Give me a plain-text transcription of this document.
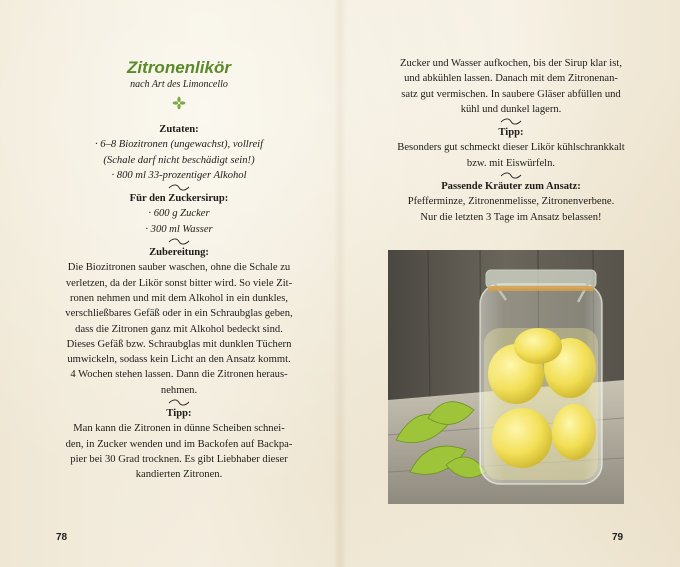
Zitronenlikör

nach Art des Limoncello

Zutaten:

· 6–8 Biozitronen (ungewachst), vollreif

(Schale darf nicht beschädigt sein!)

· 800 ml 33-prozentiger Alkohol

Für den Zuckersirup:

· 600 g Zucker

· 300 ml Wasser

Zubereitung:

Die Biozitronen sauber waschen, ohne die Schale zu

verletzen, da der Likör sonst bitter wird. So viele Zit-

ronen nehmen und mit dem Alkohol in ein dunkles,

verschließbares Gefäß oder in ein Schraubglas geben,

dass die Zitronen ganz mit Alkohol bedeckt sind.

Dieses Gefäß bzw. Schraubglas mit dunklen Tüchern

umwickeln, sodass kein Licht an den Ansatz kommt.

4 Wochen stehen lassen. Dann die Zitronen heraus-

nehmen.

Tipp:

Man kann die Zitronen in dünne Scheiben schnei-

den, in Zucker wenden und im Backofen auf Backpa-

pier bei 30 Grad trocknen. Es gibt Liebhaber dieser

kandierten Zitronen.

78

Zucker und Wasser aufkochen, bis der Sirup klar ist,

und abkühlen lassen. Danach mit dem Zitronenan-

satz gut vermischen. In saubere Gläser abfüllen und

kühl und dunkel lagern.

Tipp:

Besonders gut schmeckt dieser Likör kühlschrankkalt

bzw. mit Eiswürfeln.

Passende Kräuter zum Ansatz:

Pfefferminze, Zitronenmelisse, Zitronenverbene.

Nur die letzten 3 Tage im Ansatz belassen!

79
